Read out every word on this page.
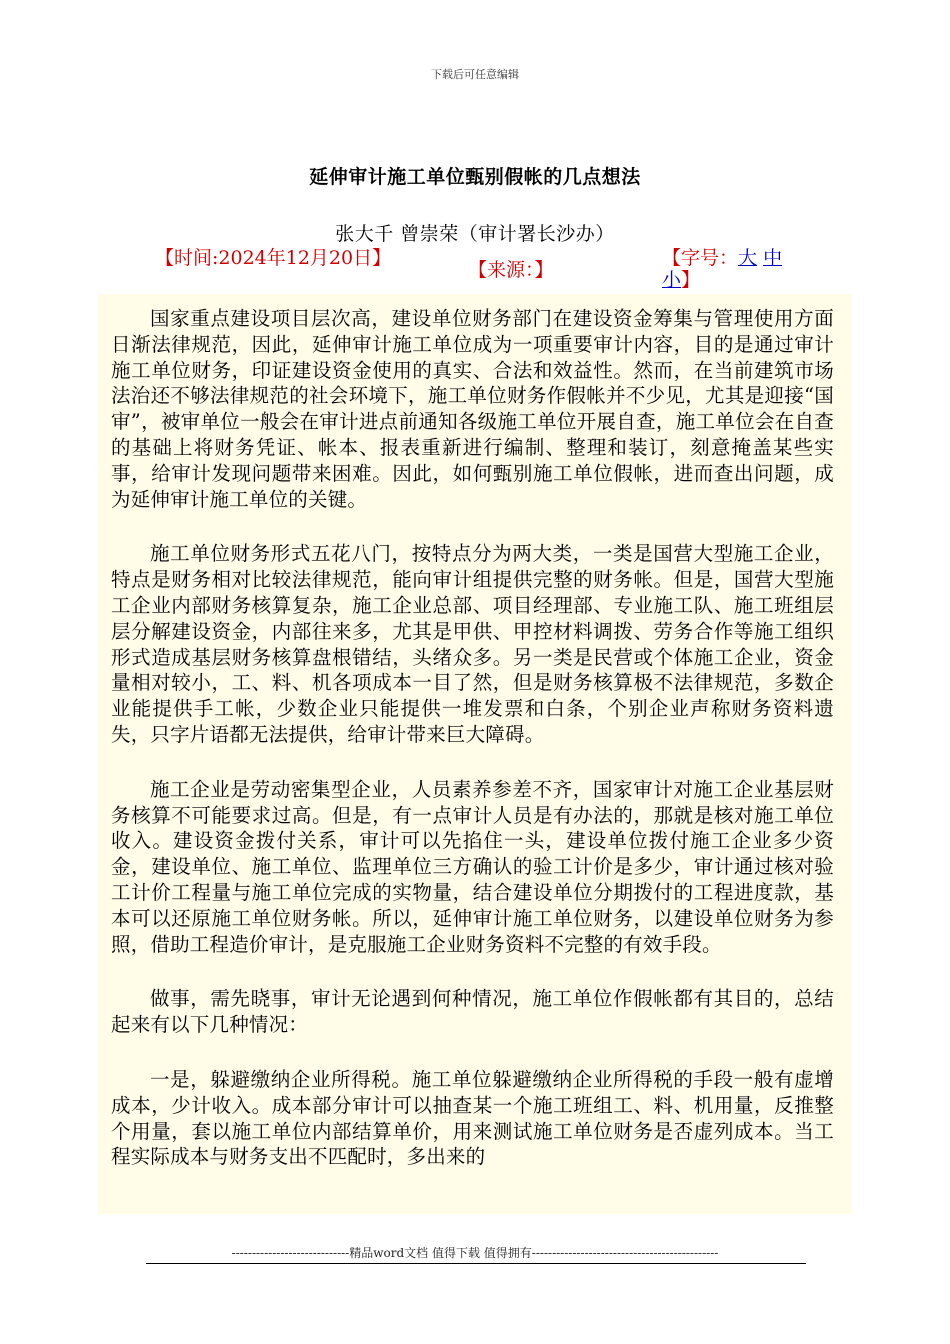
下载后可任意编辑
延伸审计施工单位甄别假帐的几点想法
张大千 曾崇荣（审计署长沙办）
【时间:2024年12月20日】
【来源：】
【字号：大 中小】

国家重点建设项目层次高，建设单位财务部门在建设资金筹集与管理使用方面日渐法律规范，因此，延伸审计施工单位成为一项重要审计内容，目的是通过审计施工单位财务，印证建设资金使用的真实、合法和效益性。然而，在当前建筑市场法治还不够法律规范的社会环境下，施工单位财务作假帐并不少见，尤其是迎接“国审”，被审单位一般会在审计进点前通知各级施工单位开展自查，施工单位会在自查的基础上将财务凭证、帐本、报表重新进行编制、整理和装订，刻意掩盖某些实事，给审计发现问题带来困难。因此，如何甄别施工单位假帐，进而查出问题，成为延伸审计施工单位的关键。

施工单位财务形式五花八门，按特点分为两大类，一类是国营大型施工企业，特点是财务相对比较法律规范，能向审计组提供完整的财务帐。但是，国营大型施工企业内部财务核算复杂，施工企业总部、项目经理部、专业施工队、施工班组层层分解建设资金，内部往来多，尤其是甲供、甲控材料调拨、劳务合作等施工组织形式造成基层财务核算盘根错结，头绪众多。另一类是民营或个体施工企业，资金量相对较小，工、料、机各项成本一目了然，但是财务核算极不法律规范，多数企业能提供手工帐，少数企业只能提供一堆发票和白条，个别企业声称财务资料遗失，只字片语都无法提供，给审计带来巨大障碍。

施工企业是劳动密集型企业，人员素养参差不齐，国家审计对施工企业基层财务核算不可能要求过高。但是，有一点审计人员是有办法的，那就是核对施工单位收入。建设资金拨付关系，审计可以先掐住一头，建设单位拨付施工企业多少资金，建设单位、施工单位、监理单位三方确认的验工计价是多少，审计通过核对验工计价工程量与施工单位完成的实物量，结合建设单位分期拨付的工程进度款，基本可以还原施工单位财务帐。所以，延伸审计施工单位财务，以建设单位财务为参照，借助工程造价审计，是克服施工企业财务资料不完整的有效手段。

做事，需先晓事，审计无论遇到何种情况，施工单位作假帐都有其目的，总结起来有以下几种情况：

一是，躲避缴纳企业所得税。施工单位躲避缴纳企业所得税的手段一般有虚增成本，少计收入。成本部分审计可以抽查某一个施工班组工、料、机用量，反推整个用量，套以施工单位内部结算单价，用来测试施工单位财务是否虚列成本。当工程实际成本与财务支出不匹配时，多出来的

-----------------------------精品word文档 值得下载 值得拥有----------------------------------------------
